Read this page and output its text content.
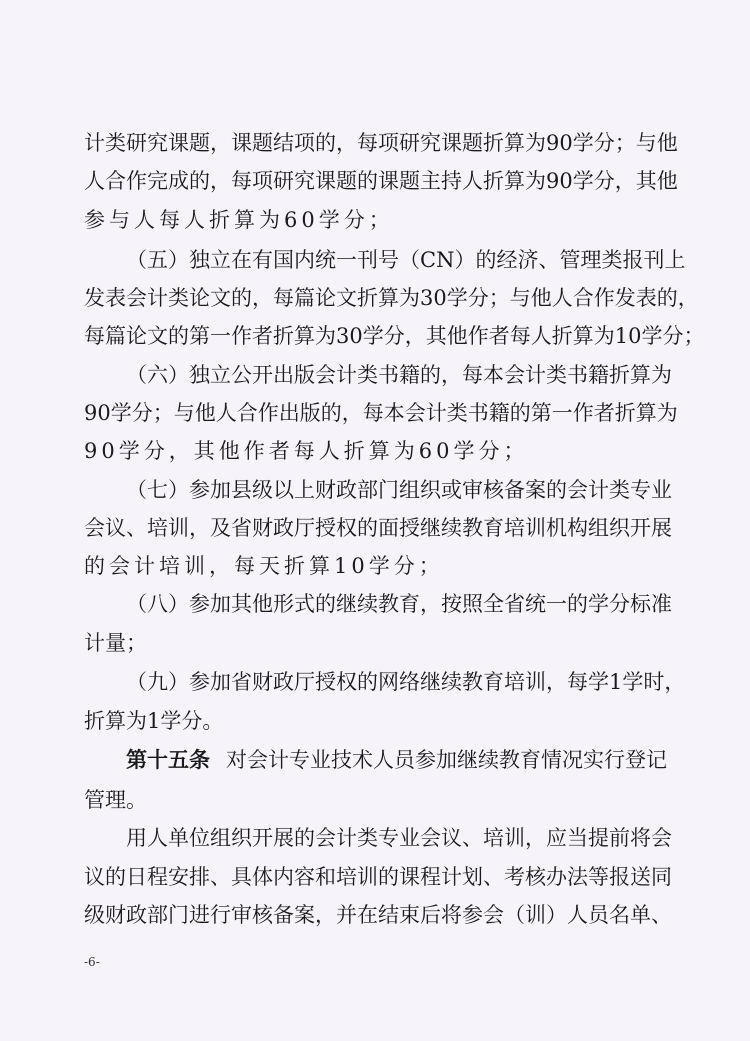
计类研究课题，课题结项的，每项研究课题折算为90学分；与他
人合作完成的，每项研究课题的课题主持人折算为90学分，其他
参与人每人折算为60学分；
（五）独立在有国内统一刊号（CN）的经济、管理类报刊上
发表会计类论文的，每篇论文折算为30学分；与他人合作发表的，
每篇论文的第一作者折算为30学分，其他作者每人折算为10学分；
（六）独立公开出版会计类书籍的，每本会计类书籍折算为
90学分；与他人合作出版的，每本会计类书籍的第一作者折算为
90学分，其他作者每人折算为60学分；
（七）参加县级以上财政部门组织或审核备案的会计类专业
会议、培训，及省财政厅授权的面授继续教育培训机构组织开展
的会计培训，每天折算10学分；
（八）参加其他形式的继续教育，按照全省统一的学分标准
计量；
（九）参加省财政厅授权的网络继续教育培训，每学1学时，
折算为1学分。
第十五条 对会计专业技术人员参加继续教育情况实行登记
管理。
用人单位组织开展的会计类专业会议、培训，应当提前将会
议的日程安排、具体内容和培训的课程计划、考核办法等报送同
级财政部门进行审核备案，并在结束后将参会（训）人员名单、
-6-
